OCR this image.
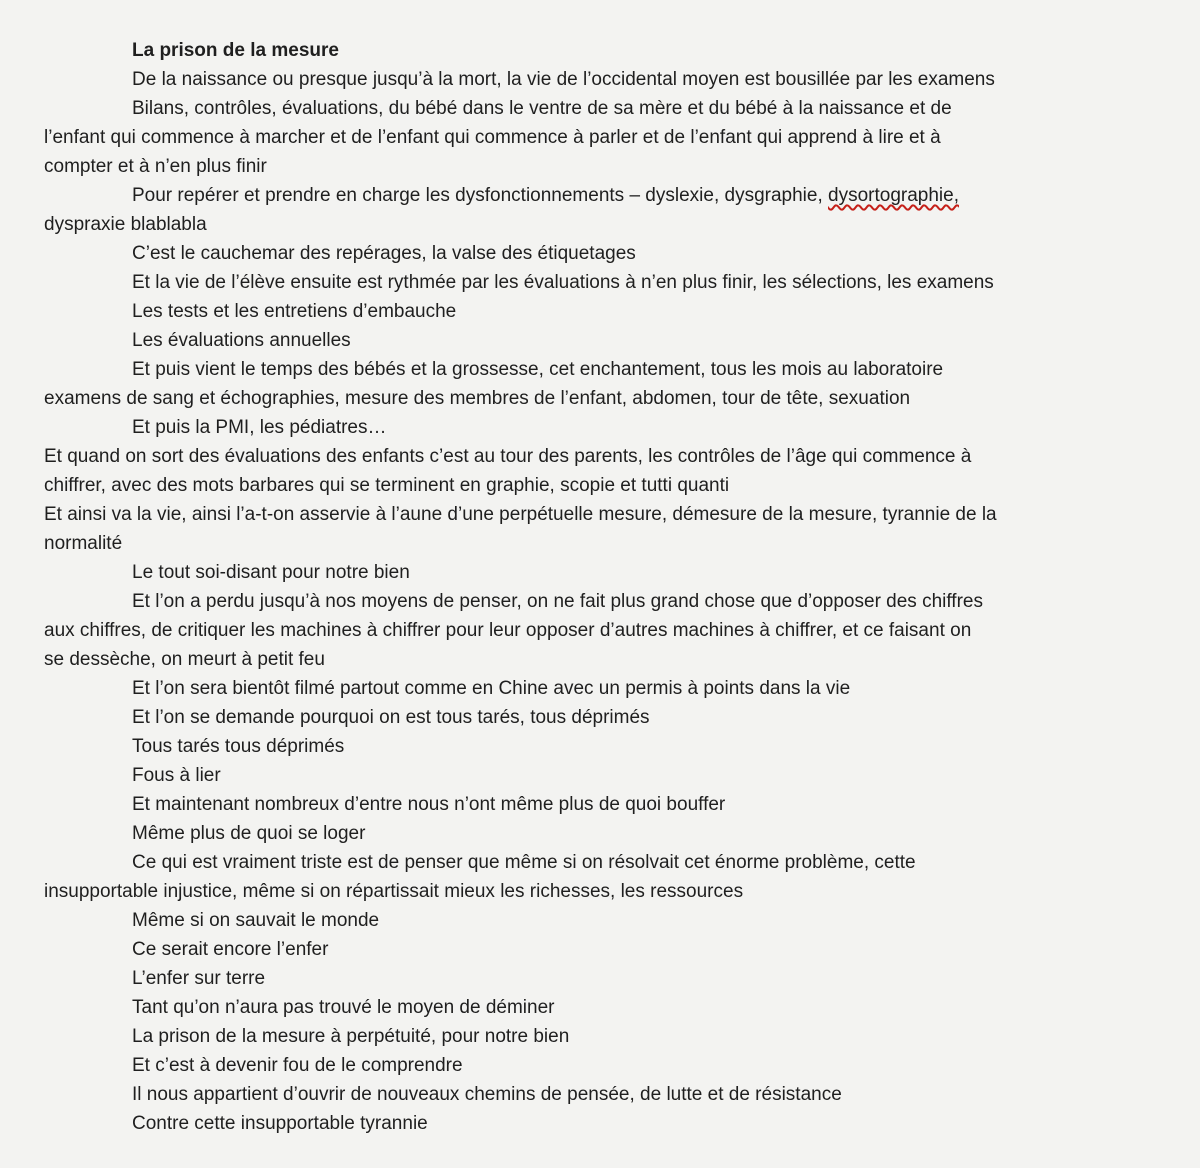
La prison de la mesure
De la naissance ou presque jusqu’à la mort, la vie de l’occidental moyen est bousillée par les examens
Bilans, contrôles, évaluations, du bébé dans le ventre de sa mère et du bébé à la naissance et de
l’enfant qui commence à marcher et de l’enfant qui commence à parler et de l’enfant qui apprend à lire et à
compter et à n’en plus finir
Pour repérer et prendre en charge les dysfonctionnements – dyslexie, dysgraphie, dysortographie,
dyspraxie blablabla
C’est le cauchemar des repérages, la valse des étiquetages
Et la vie de l’élève ensuite est rythmée par les évaluations à n’en plus finir, les sélections, les examens
Les tests et les entretiens d’embauche
Les évaluations annuelles
Et puis vient le temps des bébés et la grossesse, cet enchantement, tous les mois au laboratoire
examens de sang et échographies, mesure des membres de l’enfant, abdomen, tour de tête, sexuation
Et puis la PMI, les pédiatres…
Et quand on sort des évaluations des enfants c’est au tour des parents, les contrôles de l’âge qui commence à
chiffrer, avec des mots barbares qui se terminent en graphie, scopie et tutti quanti
Et ainsi va la vie, ainsi l’a-t-on asservie à l’aune d’une perpétuelle mesure, démesure de la mesure, tyrannie de la
normalité
Le tout soi-disant pour notre bien
Et l’on a perdu jusqu’à nos moyens de penser, on ne fait plus grand chose que d’opposer des chiffres
aux chiffres, de critiquer les machines à chiffrer pour leur opposer d’autres machines à chiffrer, et ce faisant on
se dessèche, on meurt à petit feu
Et l’on sera bientôt filmé partout comme en Chine avec un permis à points dans la vie
Et l’on se demande pourquoi on est tous tarés, tous déprimés
Tous tarés tous déprimés
Fous à lier
Et maintenant nombreux d’entre nous n’ont même plus de quoi bouffer
Même plus de quoi se loger
Ce qui est vraiment triste est de penser que même si on résolvait cet énorme problème, cette
insupportable injustice, même si on répartissait mieux les richesses, les ressources
Même si on sauvait le monde
Ce serait encore l’enfer
L’enfer sur terre
Tant qu’on n’aura pas trouvé le moyen de déminer
La prison de la mesure à perpétuité, pour notre bien
Et c’est à devenir fou de le comprendre
Il nous appartient d’ouvrir de nouveaux chemins de pensée, de lutte et de résistance
Contre cette insupportable tyrannie
